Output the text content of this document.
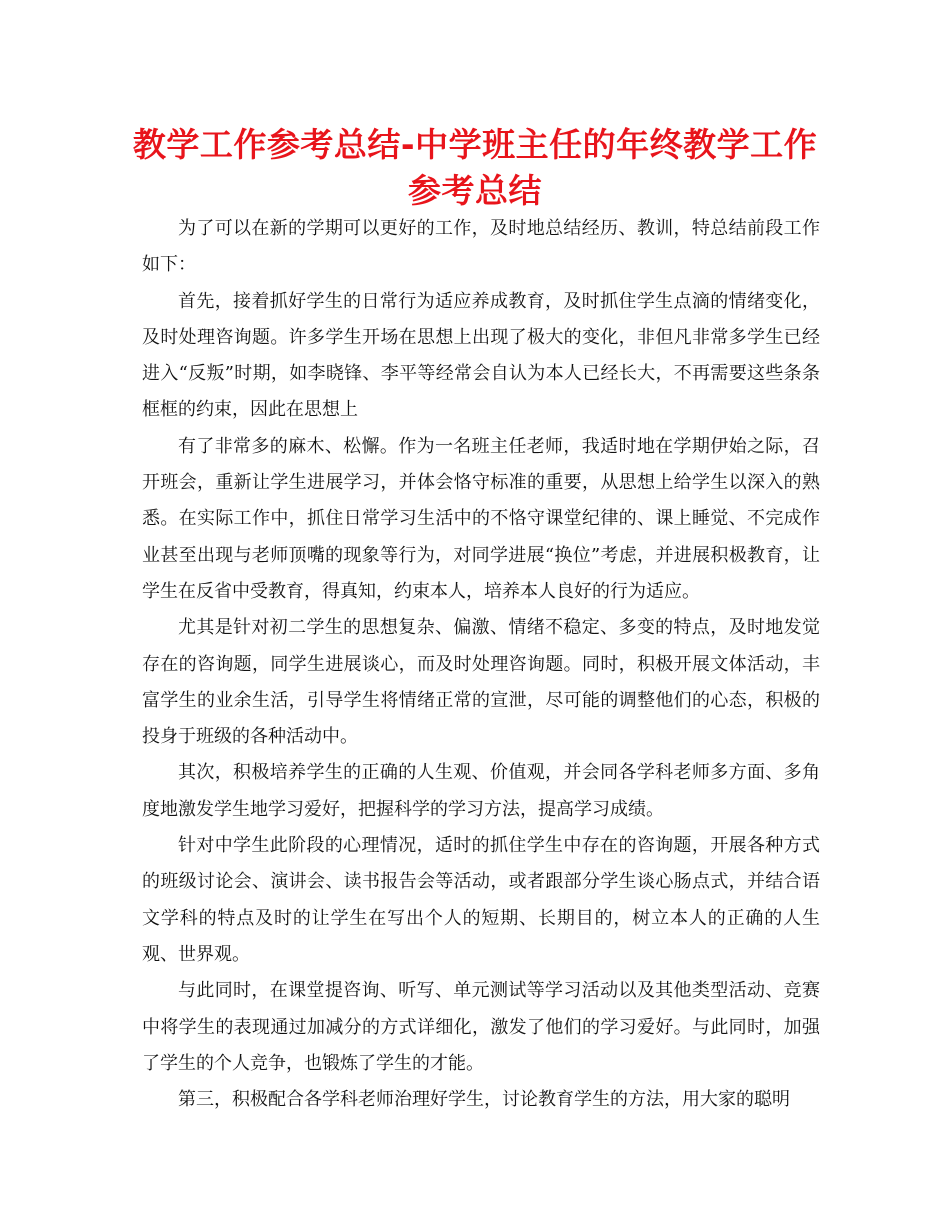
教学工作参考总结-中学班主任的年终教学工作参考总结

为了可以在新的学期可以更好的工作，及时地总结经历、教训，特总结前段工作如下：

首先，接着抓好学生的日常行为适应养成教育，及时抓住学生点滴的情绪变化，及时处理咨询题。许多学生开场在思想上出现了极大的变化，非但凡非常多学生已经进入“反叛”时期，如李晓锋、李平等经常会自认为本人已经长大，不再需要这些条条框框的约束，因此在思想上

有了非常多的麻木、松懈。作为一名班主任老师，我适时地在学期伊始之际，召开班会，重新让学生进展学习，并体会恪守标准的重要，从思想上给学生以深入的熟悉。在实际工作中，抓住日常学习生活中的不恪守课堂纪律的、课上睡觉、不完成作业甚至出现与老师顶嘴的现象等行为，对同学进展“换位”考虑，并进展积极教育，让学生在反省中受教育，得真知，约束本人，培养本人良好的行为适应。

尤其是针对初二学生的思想复杂、偏激、情绪不稳定、多变的特点，及时地发觉存在的咨询题，同学生进展谈心，而及时处理咨询题。同时，积极开展文体活动，丰富学生的业余生活，引导学生将情绪正常的宣泄，尽可能的调整他们的心态，积极的投身于班级的各种活动中。

其次，积极培养学生的正确的人生观、价值观，并会同各学科老师多方面、多角度地激发学生地学习爱好，把握科学的学习方法，提高学习成绩。

针对中学生此阶段的心理情况，适时的抓住学生中存在的咨询题，开展各种方式的班级讨论会、演讲会、读书报告会等活动，或者跟部分学生谈心肠点式，并结合语文学科的特点及时的让学生在写出个人的短期、长期目的，树立本人的正确的人生观、世界观。

与此同时，在课堂提咨询、听写、单元测试等学习活动以及其他类型活动、竞赛中将学生的表现通过加减分的方式详细化，激发了他们的学习爱好。与此同时，加强了学生的个人竞争，也锻炼了学生的才能。

第三，积极配合各学科老师治理好学生，讨论教育学生的方法，用大家的聪明
